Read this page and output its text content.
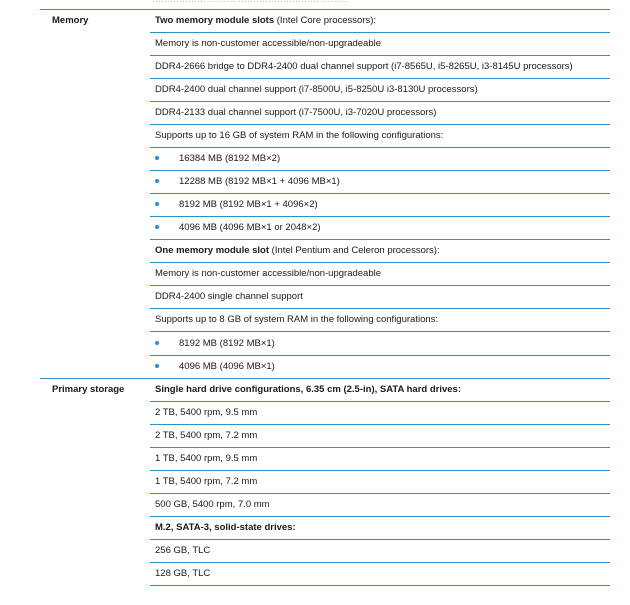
Memory	Two memory module slots (Intel Core processors):
Memory is non-customer accessible/non-upgradeable
DDR4-2666 bridge to DDR4-2400 dual channel support (i7-8565U, i5-8265U, i3-8145U processors)
DDR4-2400 dual channel support (i7-8500U, i5-8250U i3-8130U processors)
DDR4-2133 dual channel support (i7-7500U, i3-7020U processors)
Supports up to 16 GB of system RAM in the following configurations:
16384 MB (8192 MB×2)
12288 MB (8192 MB×1 + 4096 MB×1)
8192 MB (8192 MB×1 + 4096×2)
4096 MB (4096 MB×1 or 2048×2)
One memory module slot (Intel Pentium and Celeron processors):
Memory is non-customer accessible/non-upgradeable
DDR4-2400 single channel support
Supports up to 8 GB of system RAM in the following configurations:
8192 MB (8192 MB×1)
4096 MB (4096 MB×1)
Primary storage	Single hard drive configurations, 6.35 cm (2.5-in), SATA hard drives:
2 TB, 5400 rpm, 9.5 mm
2 TB, 5400 rpm, 7.2 mm
1 TB, 5400 rpm, 9.5 mm
1 TB, 5400 rpm, 7.2 mm
500 GB, 5400 rpm, 7.0 mm
M.2, SATA-3, solid-state drives:
256 GB, TLC
128 GB, TLC
